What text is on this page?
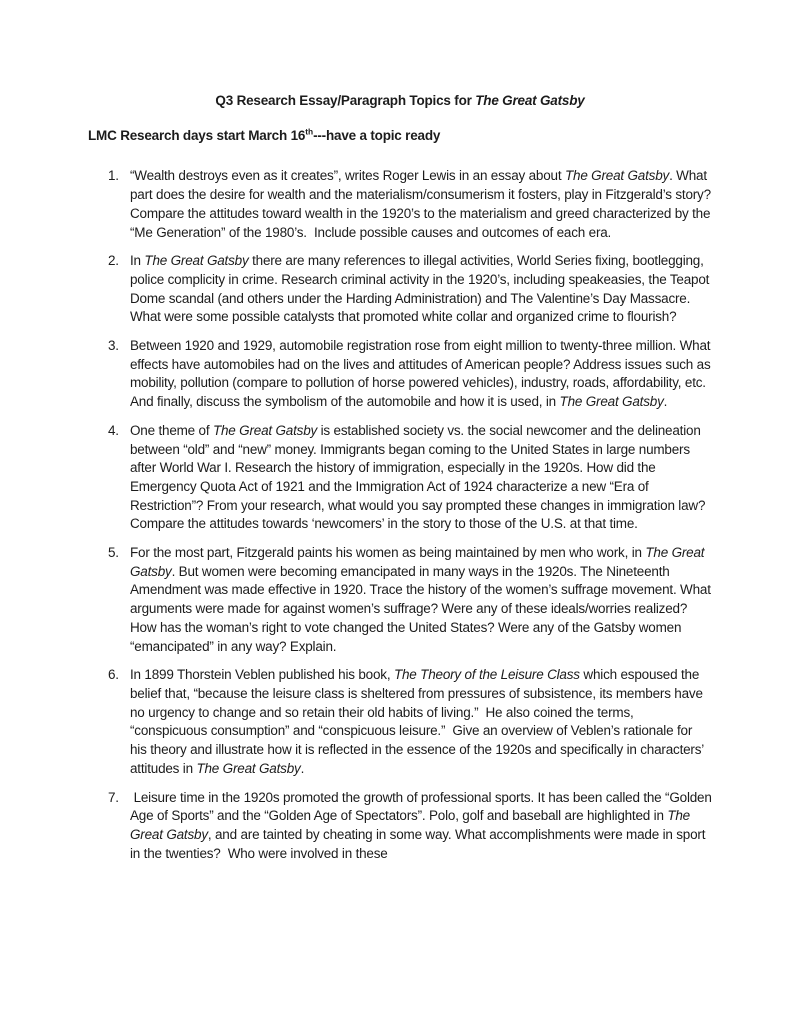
Q3 Research Essay/Paragraph Topics for The Great Gatsby

LMC Research days start March 16th---have a topic ready

1. “Wealth destroys even as it creates”, writes Roger Lewis in an essay about The Great Gatsby. What part does the desire for wealth and the materialism/consumerism it fosters, play in Fitzgerald’s story? Compare the attitudes toward wealth in the 1920’s to the materialism and greed characterized by the “Me Generation” of the 1980’s.  Include possible causes and outcomes of each era.
2. In The Great Gatsby there are many references to illegal activities, World Series fixing, bootlegging, police complicity in crime. Research criminal activity in the 1920’s, including speakeasies, the Teapot Dome scandal (and others under the Harding Administration) and The Valentine’s Day Massacre.  What were some possible catalysts that promoted white collar and organized crime to flourish?
3. Between 1920 and 1929, automobile registration rose from eight million to twenty-three million. What effects have automobiles had on the lives and attitudes of American people? Address issues such as mobility, pollution (compare to pollution of horse powered vehicles), industry, roads, affordability, etc. And finally, discuss the symbolism of the automobile and how it is used, in The Great Gatsby.
4. One theme of The Great Gatsby is established society vs. the social newcomer and the delineation between “old” and “new” money. Immigrants began coming to the United States in large numbers after World War I. Research the history of immigration, especially in the 1920s. How did the Emergency Quota Act of 1921 and the Immigration Act of 1924 characterize a new “Era of Restriction”? From your research, what would you say prompted these changes in immigration law? Compare the attitudes towards ‘newcomers’ in the story to those of the U.S. at that time.
5. For the most part, Fitzgerald paints his women as being maintained by men who work, in The Great Gatsby. But women were becoming emancipated in many ways in the 1920s. The Nineteenth Amendment was made effective in 1920. Trace the history of the women’s suffrage movement. What arguments were made for against women’s suffrage? Were any of these ideals/worries realized? How has the woman’s right to vote changed the United States? Were any of the Gatsby women “emancipated” in any way? Explain.
6. In 1899 Thorstein Veblen published his book, The Theory of the Leisure Class which espoused the belief that, “because the leisure class is sheltered from pressures of subsistence, its members have no urgency to change and so retain their old habits of living.”  He also coined the terms, “conspicuous consumption” and “conspicuous leisure.”  Give an overview of Veblen’s rationale for his theory and illustrate how it is reflected in the essence of the 1920s and specifically in characters’ attitudes in The Great Gatsby.
7. Leisure time in the 1920s promoted the growth of professional sports. It has been called the “Golden Age of Sports” and the “Golden Age of Spectators”. Polo, golf and baseball are highlighted in The Great Gatsby, and are tainted by cheating in some way. What accomplishments were made in sport in the twenties?  Who were involved in these
